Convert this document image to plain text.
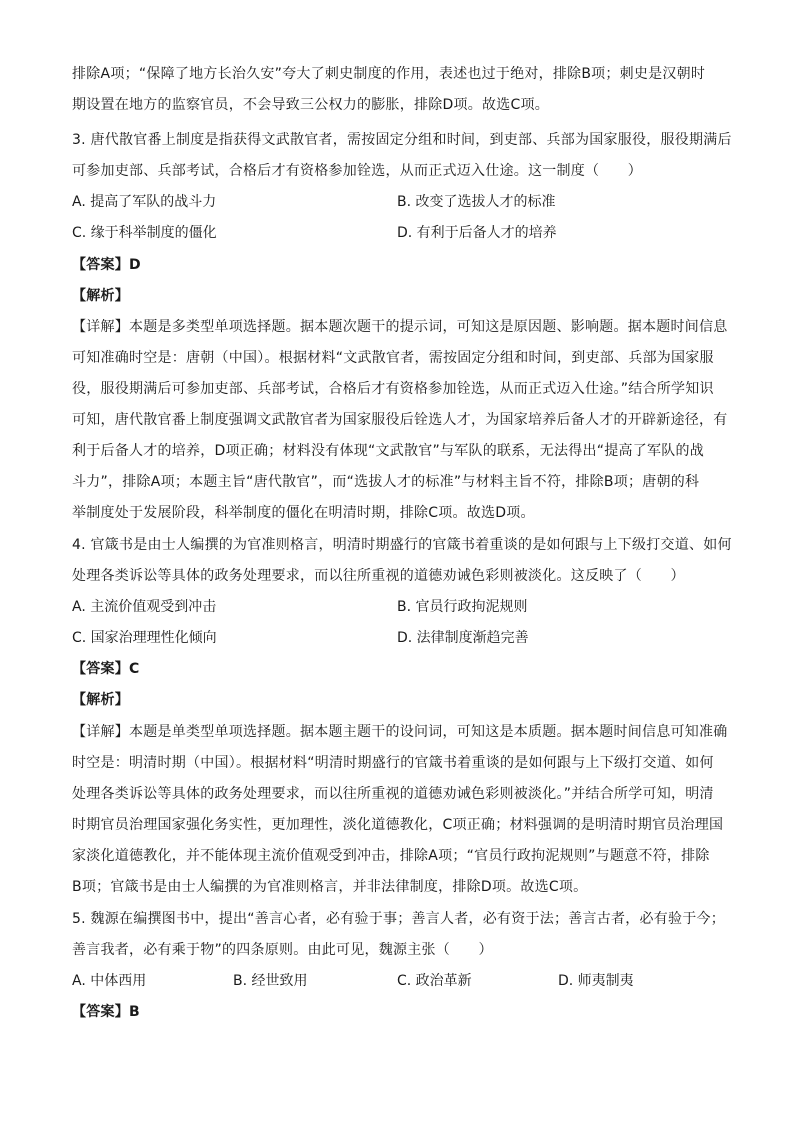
排除A项；“保障了地方长治久安”夸大了刺史制度的作用，表述也过于绝对，排除B项；刺史是汉朝时
期设置在地方的监察官员，不会导致三公权力的膨胀，排除D项。故选C项。
3. 唐代散官番上制度是指获得文武散官者，需按固定分组和时间，到吏部、兵部为国家服役，服役期满后
可参加吏部、兵部考试，合格后才有资格参加铨选，从而正式迈入仕途。这一制度（　　）
A. 提高了军队的战斗力	B. 改变了选拔人才的标准
C. 缘于科举制度的僵化	D. 有利于后备人才的培养
【答案】D
【解析】
【详解】本题是多类型单项选择题。据本题次题干的提示词，可知这是原因题、影响题。据本题时间信息
可知准确时空是：唐朝（中国）。根据材料“文武散官者，需按固定分组和时间，到吏部、兵部为国家服
役，服役期满后可参加吏部、兵部考试，合格后才有资格参加铨选，从而正式迈入仕途。”结合所学知识
可知，唐代散官番上制度强调文武散官者为国家服役后铨选人才，为国家培养后备人才的开辟新途径，有
利于后备人才的培养，D项正确；材料没有体现“文武散官”与军队的联系，无法得出“提高了军队的战
斗力”，排除A项；本题主旨“唐代散官”，而“选拔人才的标准”与材料主旨不符，排除B项；唐朝的科
举制度处于发展阶段，科举制度的僵化在明清时期，排除C项。故选D项。
4. 官箴书是由士人编撰的为官准则格言，明清时期盛行的官箴书着重谈的是如何跟与上下级打交道、如何
处理各类诉讼等具体的政务处理要求，而以往所重视的道德劝诫色彩则被淡化。这反映了（　　）
A. 主流价值观受到冲击	B. 官员行政拘泥规则
C. 国家治理理性化倾向	D. 法律制度渐趋完善
【答案】C
【解析】
【详解】本题是单类型单项选择题。据本题主题干的设问词，可知这是本质题。据本题时间信息可知准确
时空是：明清时期（中国）。根据材料“明清时期盛行的官箴书着重谈的是如何跟与上下级打交道、如何
处理各类诉讼等具体的政务处理要求，而以往所重视的道德劝诫色彩则被淡化。”并结合所学可知，明清
时期官员治理国家强化务实性，更加理性，淡化道德教化，C项正确；材料强调的是明清时期官员治理国
家淡化道德教化，并不能体现主流价值观受到冲击，排除A项；“官员行政拘泥规则”与题意不符，排除
B项；官箴书是由士人编撰的为官准则格言，并非法律制度，排除D项。故选C项。
5. 魏源在编撰图书中，提出“善言心者，必有验于事；善言人者，必有资于法；善言古者，必有验于今；
善言我者，必有乘于物”的四条原则。由此可见，魏源主张（　　）
A. 中体西用	B. 经世致用	C. 政治革新	D. 师夷制夷
【答案】B
